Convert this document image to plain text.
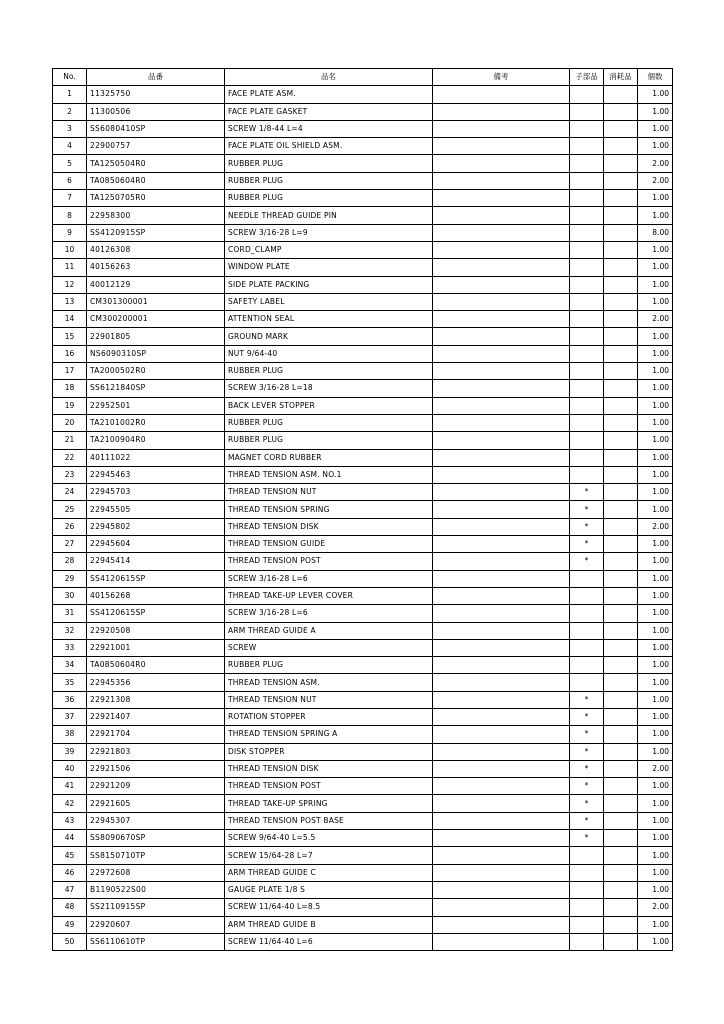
No.	品番	品名	備考	子部品	消耗品	個数
1	11325750	FACE PLATE ASM.				1.00
2	11300506	FACE PLATE GASKET				1.00
3	SS6080410SP	SCREW 1/8-44 L=4				1.00
4	22900757	FACE PLATE OIL SHIELD ASM.				1.00
5	TA1250504R0	RUBBER PLUG				2.00
6	TA0850604R0	RUBBER PLUG				2.00
7	TA1250705R0	RUBBER PLUG				1.00
8	22958300	NEEDLE THREAD GUIDE PIN				1.00
9	SS4120915SP	SCREW 3/16-28 L=9				8.00
10	40126308	CORD_CLAMP				1.00
11	40156263	WINDOW PLATE				1.00
12	40012129	SIDE PLATE PACKING				1.00
13	CM301300001	SAFETY LABEL				1.00
14	CM300200001	ATTENTION SEAL				2.00
15	22901805	GROUND MARK				1.00
16	NS6090310SP	NUT 9/64-40				1.00
17	TA2000502R0	RUBBER PLUG				1.00
18	SS6121840SP	SCREW 3/16-28 L=18				1.00
19	22952501	BACK LEVER STOPPER				1.00
20	TA2101002R0	RUBBER PLUG				1.00
21	TA2100904R0	RUBBER PLUG				1.00
22	40111022	MAGNET CORD RUBBER				1.00
23	22945463	THREAD TENSION ASM. NO.1				1.00
24	22945703	THREAD TENSION NUT		*		1.00
25	22945505	THREAD TENSION SPRING		*		1.00
26	22945802	THREAD TENSION DISK		*		2.00
27	22945604	THREAD TENSION GUIDE		*		1.00
28	22945414	THREAD TENSION POST		*		1.00
29	SS4120615SP	SCREW 3/16-28 L=6				1.00
30	40156268	THREAD TAKE-UP LEVER COVER				1.00
31	SS4120615SP	SCREW 3/16-28 L=6				1.00
32	22920508	ARM THREAD GUIDE A				1.00
33	22921001	SCREW				1.00
34	TA0850604R0	RUBBER PLUG				1.00
35	22945356	THREAD TENSION ASM.				1.00
36	22921308	THREAD TENSION NUT		*		1.00
37	22921407	ROTATION STOPPER		*		1.00
38	22921704	THREAD TENSION SPRING A		*		1.00
39	22921803	DISK STOPPER		*		1.00
40	22921506	THREAD TENSION DISK		*		2.00
41	22921209	THREAD TENSION POST		*		1.00
42	22921605	THREAD TAKE-UP SPRING		*		1.00
43	22945307	THREAD TENSION POST BASE		*		1.00
44	SS8090670SP	SCREW 9/64-40 L=5.5		*		1.00
45	SS8150710TP	SCREW 15/64-28 L=7				1.00
46	22972608	ARM THREAD GUIDE C				1.00
47	B1190522S00	GAUGE PLATE 1/8 S				1.00
48	SS2110915SP	SCREW 11/64-40 L=8.5				2.00
49	22920607	ARM THREAD GUIDE B				1.00
50	SS6110610TP	SCREW 11/64-40 L=6				1.00
